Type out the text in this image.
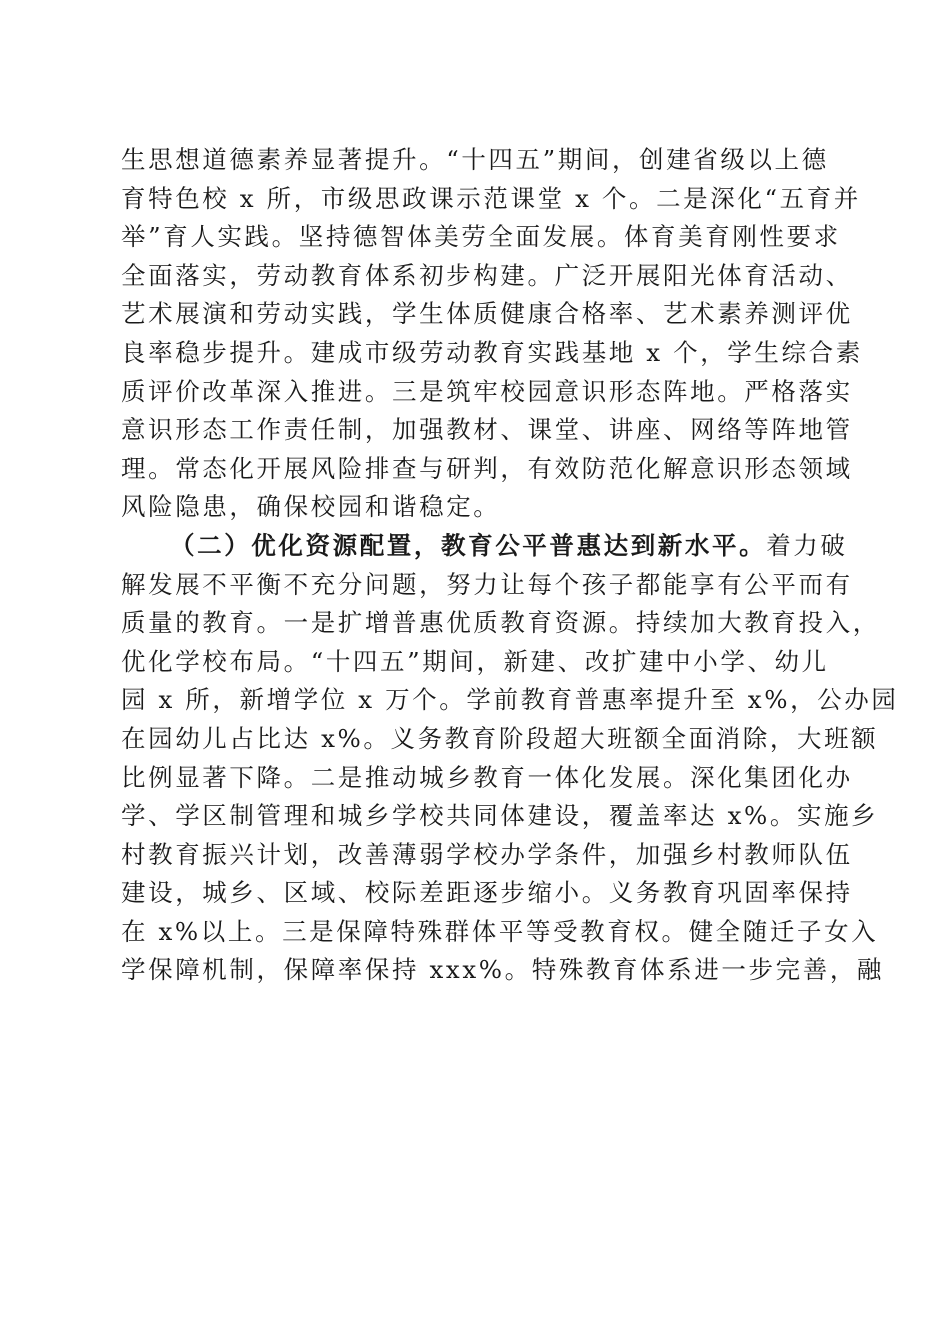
生思想道德素养显著提升。“十四五”期间，创建省级以上德
育特色校 x 所，市级思政课示范课堂 x 个。二是深化“五育并
举”育人实践。坚持德智体美劳全面发展。体育美育刚性要求
全面落实，劳动教育体系初步构建。广泛开展阳光体育活动、
艺术展演和劳动实践，学生体质健康合格率、艺术素养测评优
良率稳步提升。建成市级劳动教育实践基地 x 个，学生综合素
质评价改革深入推进。三是筑牢校园意识形态阵地。严格落实
意识形态工作责任制，加强教材、课堂、讲座、网络等阵地管
理。常态化开展风险排查与研判，有效防范化解意识形态领域
风险隐患，确保校园和谐稳定。
（二）优化资源配置，教育公平普惠达到新水平。着力破
解发展不平衡不充分问题，努力让每个孩子都能享有公平而有
质量的教育。一是扩增普惠优质教育资源。持续加大教育投入，
优化学校布局。“十四五”期间，新建、改扩建中小学、幼儿
园 x 所，新增学位 x 万个。学前教育普惠率提升至 x%，公办园
在园幼儿占比达 x%。义务教育阶段超大班额全面消除，大班额
比例显著下降。二是推动城乡教育一体化发展。深化集团化办
学、学区制管理和城乡学校共同体建设，覆盖率达 x%。实施乡
村教育振兴计划，改善薄弱学校办学条件，加强乡村教师队伍
建设，城乡、区域、校际差距逐步缩小。义务教育巩固率保持
在 x%以上。三是保障特殊群体平等受教育权。健全随迁子女入
学保障机制，保障率保持 xxx%。特殊教育体系进一步完善，融
